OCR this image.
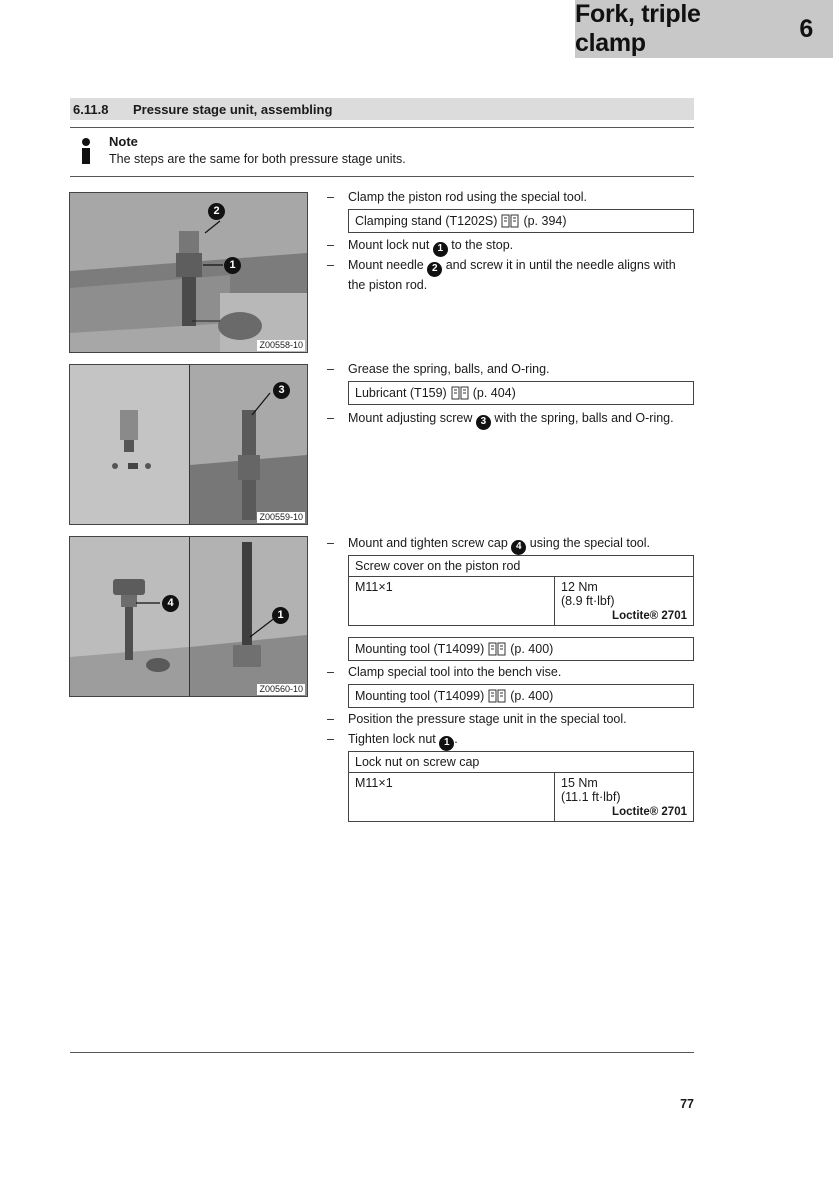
Fork, triple clamp
6
6.11.8	Pressure stage unit, assembling
Note
The steps are the same for both pressure stage units.
2
1
Z00558-10
3
Z00559-10
4
1
Z00560-10
– Clamp the piston rod using the special tool.
Clamping stand (T1202S) (p. 394)
– Mount lock nut 1 to the stop.
– Mount needle 2 and screw it in until the needle aligns with the piston rod.
– Grease the spring, balls, and O-ring.
Lubricant (T159) (p. 404)
– Mount adjusting screw 3 with the spring, balls and O-ring.
– Mount and tighten screw cap 4 using the special tool.
Screw cover on the piston rod
M11×1	12 Nm
(8.9 ft·lbf)
Loctite® 2701
Mounting tool (T14099) (p. 400)
– Clamp special tool into the bench vise.
Mounting tool (T14099) (p. 400)
– Position the pressure stage unit in the special tool.
– Tighten lock nut 1 .
Lock nut on screw cap
M11×1	15 Nm
(11.1 ft·lbf)
Loctite® 2701
77
